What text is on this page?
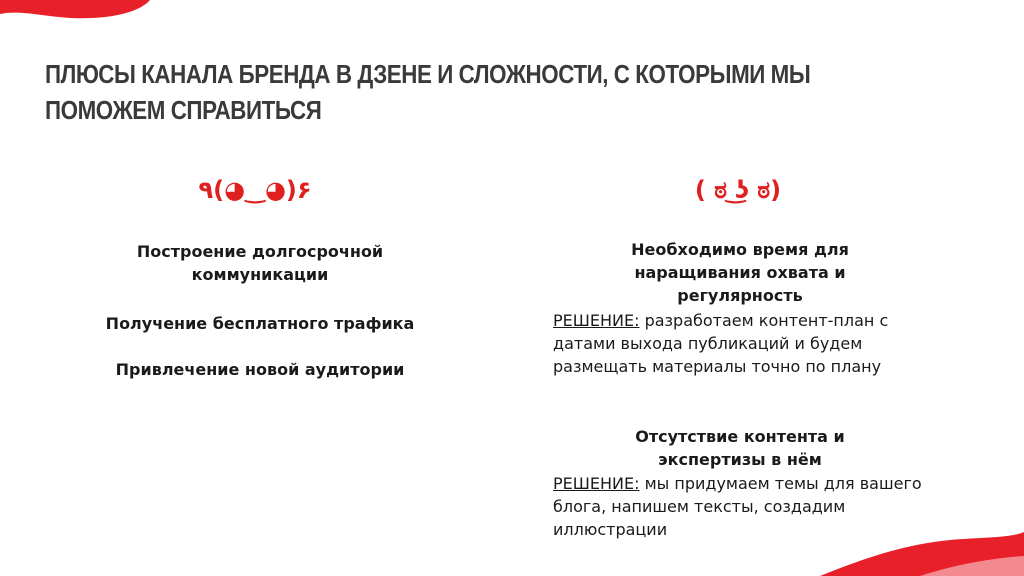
ПЛЮСЫ КАНАЛА БРЕНДА В ДЗЕНЕ И СЛОЖНОСТИ, С КОТОРЫМИ МЫ ПОМОЖЕМ СПРАВИТЬСЯ
٩(◕‿◕)۶	( ಠ ͜ʖ ಠ)
Построение долгосрочной коммуникации
Получение бесплатного трафика
Привлечение новой аудитории
Необходимо время для наращивания охвата и регулярность
РЕШЕНИЕ: разработаем контент-план с датами выхода публикаций и будем размещать материалы точно по плану
Отсутствие контента и экспертизы в нём
РЕШЕНИЕ: мы придумаем темы для вашего блога, напишем тексты, создадим иллюстрации
